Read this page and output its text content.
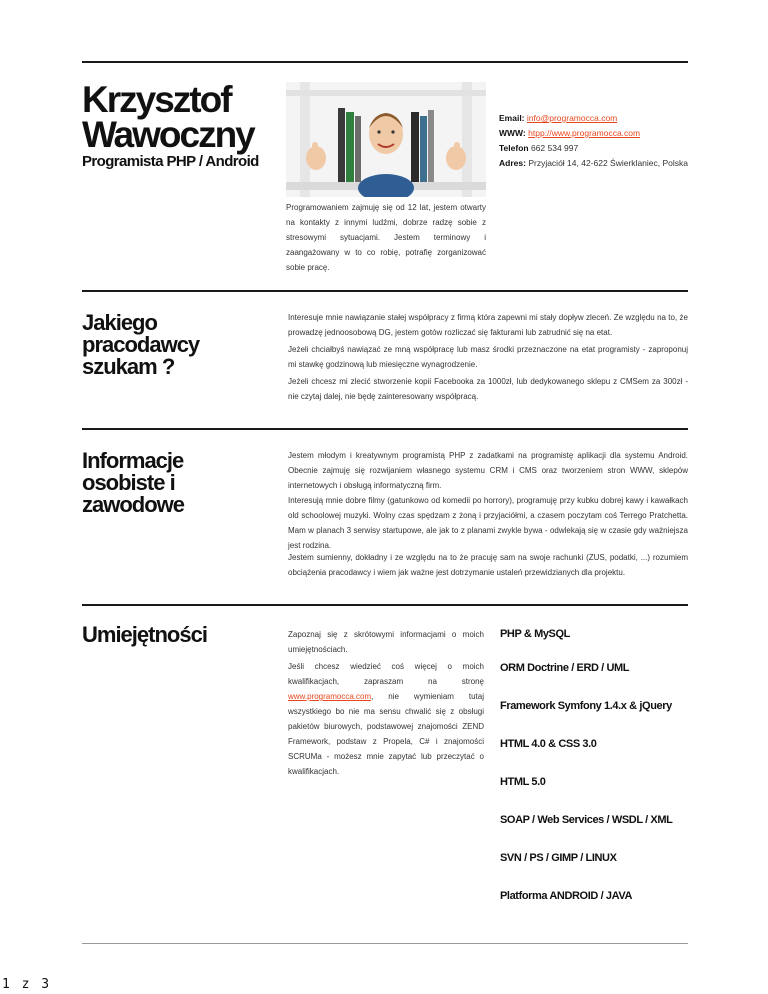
Krzysztof
Wawoczny
Programista PHP / Android
Email: info@programocca.com
WWW: htpp://www.programocca.com
Telefon 662 534 997
Adres: Przyjaciół 14, 42-622 Świerklaniec, Polska

Programowaniem zajmuję się od 12 lat, jestem otwarty na kontakty z innymi ludźmi, dobrze radzę sobie z stresowymi sytuacjami. Jestem terminowy i zaangażowany w to co robię, potrafię zorganizować sobie pracę.

Jakiego
pracodawcy
szukam ?

Interesuje mnie nawiązanie stałej współpracy z firmą która zapewni mi stały dopływ zleceń. Ze względu na to, że prowadzę jednoosobową DG, jestem gotów rozliczać się fakturami lub zatrudnić się na etat.

Jeżeli chciałbyś nawiązać ze mną współpracę lub masz środki przeznaczone na etat programisty - zaproponuj mi stawkę godzinową lub miesięczne wynagrodzenie.

Jeżeli chcesz mi zlecić stworzenie kopii Facebooka za 1000zł, lub dedykowanego sklepu z CMSem za 300zł - nie czytaj dalej, nie będę zainteresowany współpracą.

Informacje
osobiste i
zawodowe

Jestem młodym i kreatywnym programistą PHP z zadatkami na programistę aplikacji dla systemu Android. Obecnie zajmuję się rozwijaniem własnego systemu CRM i CMS oraz tworzeniem stron WWW, sklepów internetowych i obsługą informatyczną firm.

Interesują mnie dobre filmy (gatunkowo od komedii po horrory), programuję przy kubku dobrej kawy i kawałkach old schoolowej muzyki. Wolny czas spędzam z żoną i przyjaciółmi, a czasem poczytam coś Terrego Pratchetta. Mam w planach 3 serwisy startupowe, ale jak to z planami zwykle bywa - odwlekają się w czasie gdy ważniejsza jest rodzina.

Jestem sumienny, dokładny i ze względu na to że pracuję sam na swoje rachunki (ZUS, podatki, ...) rozumiem obciążenia pracodawcy i wiem jak ważne jest dotrzymanie ustaleń przewidzianych dla projektu.

Umiejętności	Zapoznaj się z skrótowymi informacjami o moich umiejętnościach.

Jeśli chcesz wiedzieć coś więcej o moich kwalifikacjach, zapraszam na stronę www.programocca.com, nie wymieniam tutaj wszystkiego bo nie ma sensu chwalić się z obsługi pakietów biurowych, podstawowej znajomości ZEND Framework, podstaw z Propela, C# i znajomości SCRUMa - możesz mnie zapytać lub przeczytać o kwalifikacjach.

PHP & MySQL
ORM Doctrine / ERD / UML
Framework Symfony 1.4.x & jQuery
HTML 4.0 & CSS 3.0
HTML 5.0
SOAP / Web Services / WSDL / XML
SVN / PS / GIMP / LINUX
Platforma ANDROID / JAVA
1 z 3
